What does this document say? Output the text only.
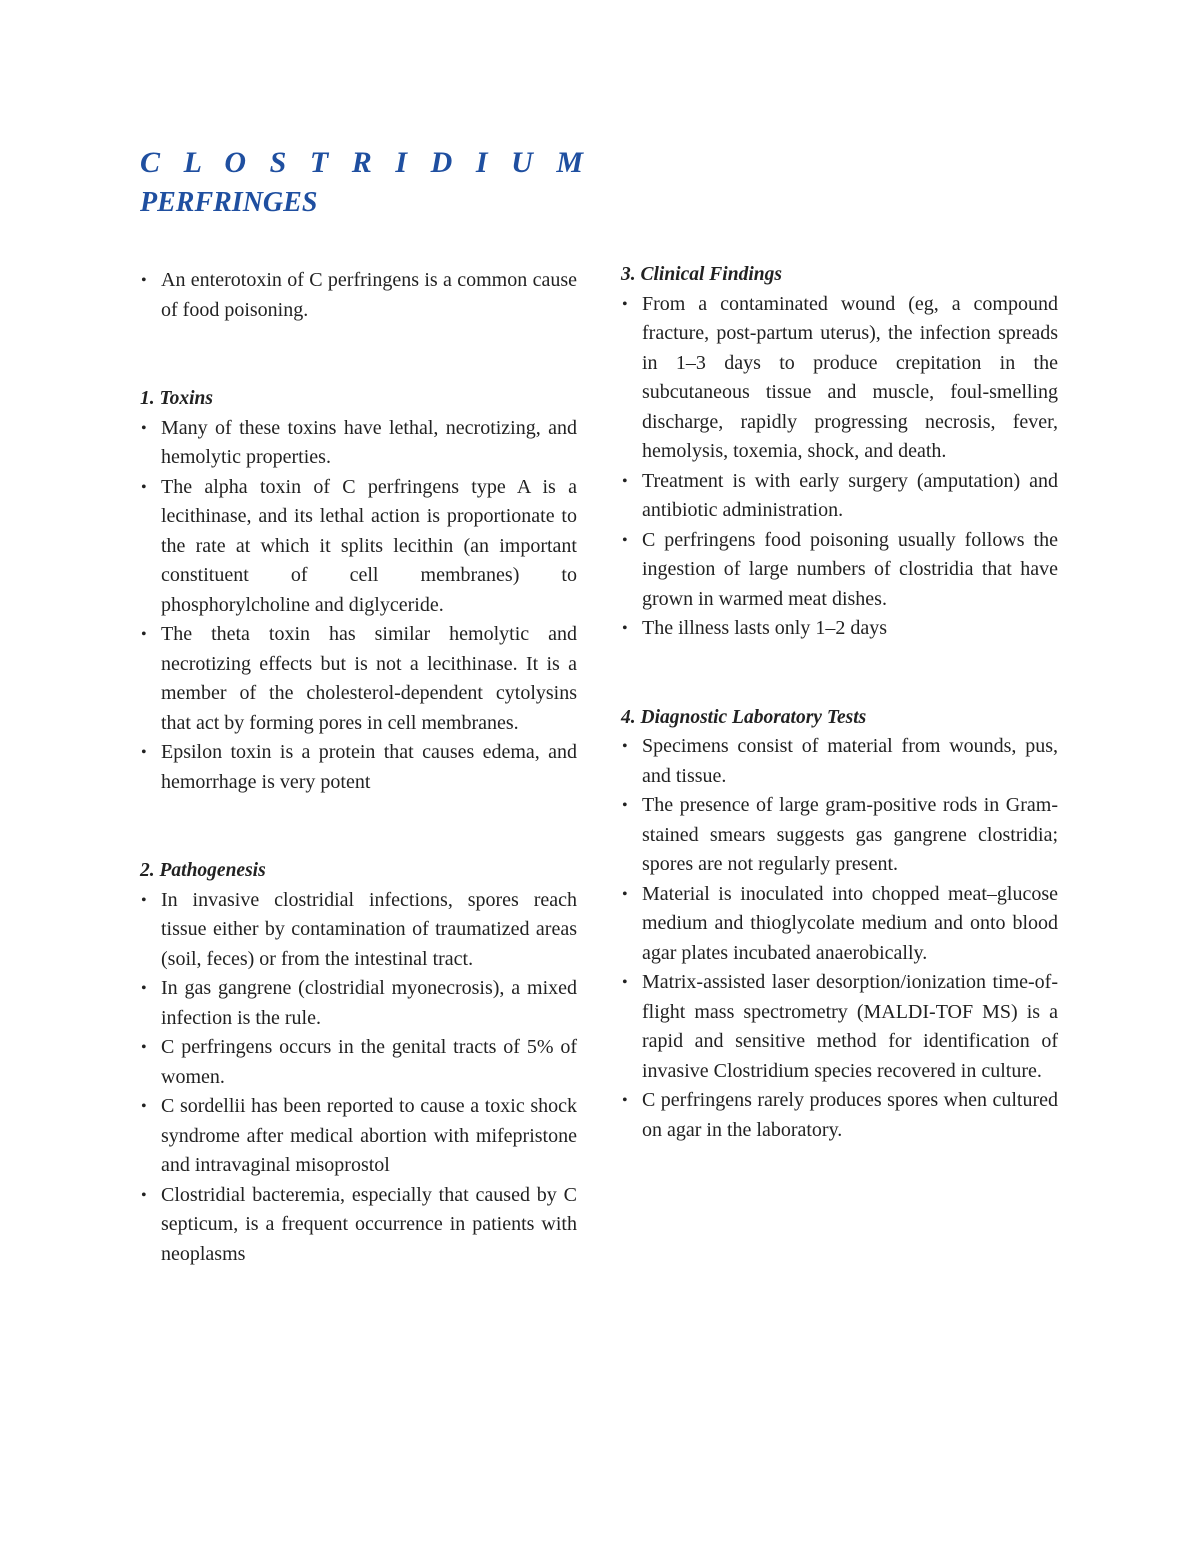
C L O S T R I D I U M
PERFRINGES
• An enterotoxin of C perfringens is a common cause of food poisoning.

1. Toxins

• Many of these toxins have lethal, necrotizing, and hemolytic properties.
• The alpha toxin of C perfringens type A is a lecithinase, and its lethal action is proportionate to the rate at which it splits lecithin (an important constituent of cell membranes) to phosphorylcholine and diglyceride.
• The theta toxin has similar hemolytic and necrotizing effects but is not a lecithinase. It is a member of the cholesterol-dependent cytolysins that act by forming pores in cell membranes.
• Epsilon toxin is a protein that causes edema, and hemorrhage is very potent

2. Pathogenesis

• In invasive clostridial infections, spores reach tissue either by contamination of traumatized areas (soil, feces) or from the intestinal tract.
• In gas gangrene (clostridial myonecrosis), a mixed infection is the rule.
• C perfringens occurs in the genital tracts of 5% of women.
• C sordellii has been reported to cause a toxic shock syndrome after medical abortion with mifepristone and intravaginal misoprostol
• Clostridial bacteremia, especially that caused by C septicum, is a frequent occurrence in patients with neoplasms

3. Clinical Findings

• From a contaminated wound (eg, a compound fracture, post-partum uterus), the infection spreads in 1–3 days to produce crepitation in the subcutaneous tissue and muscle, foul-smelling discharge, rapidly progressing necrosis, fever, hemolysis, toxemia, shock, and death.
• Treatment is with early surgery (amputation) and antibiotic administration.
• C perfringens food poisoning usually follows the ingestion of large numbers of clostridia that have grown in warmed meat dishes.
• The illness lasts only 1–2 days

4. Diagnostic Laboratory Tests

• Specimens consist of material from wounds, pus, and tissue.
• The presence of large gram-positive rods in Gram-stained smears suggests gas gangrene clostridia; spores are not regularly present.
• Material is inoculated into chopped meat–glucose medium and thioglycolate medium and onto blood agar plates incubated anaerobically.
• Matrix-assisted laser desorption/ionization time-of-flight mass spectrometry (MALDI-TOF MS) is a rapid and sensitive method for identification of invasive Clostridium species recovered in culture.
• C perfringens rarely produces spores when cultured on agar in the laboratory.
